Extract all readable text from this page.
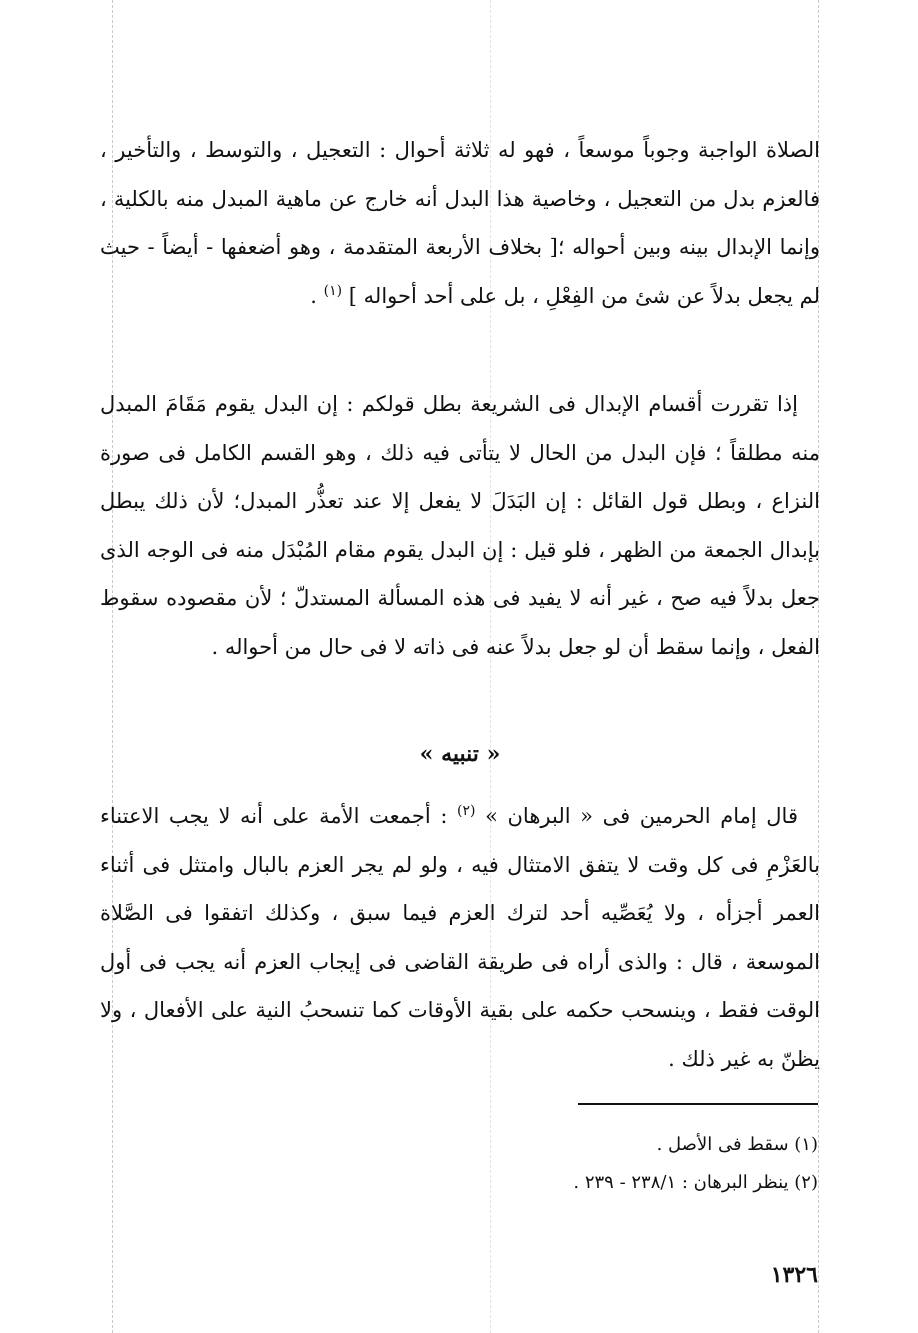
الصلاة الواجبة وجوباً موسعاً ، فهو له ثلاثة أحوال : التعجيل ، والتوسط ، والتأخير ، فالعزم بدل من التعجيل ، وخاصية هذا البدل أنه خارج عن ماهية المبدل منه بالكلية ، وإنما الإبدال بينه وبين أحواله ؛[ بخلاف الأربعة المتقدمة ، وهو أضعفها - أيضاً - حيث لم يجعل بدلاً عن شئ من الفِعْلِ ، بل على أحد أحواله ] $^{(١)}$ .

إذا تقررت أقسام الإبدال فى الشريعة بطل قولكم : إن البدل يقوم مَقَامَ المبدل منه مطلقاً ؛ فإن البدل من الحال لا يتأتى فيه ذلك ، وهو القسم الكامل فى صورة النزاع ، وبطل قول القائل : إن البَدَلَ لا يفعل إلا عند تعذُّر المبدل؛ لأن ذلك يبطل بإبدال الجمعة من الظهر ، فلو قيل : إن البدل يقوم مقام المُبْدَل منه فى الوجه الذى جعل بدلاً فيه صح ، غير أنه لا يفيد فى هذه المسألة المستدلّ ؛ لأن مقصوده سقوط الفعل ، وإنما سقط أن لو جعل بدلاً عنه فى ذاته لا فى حال من أحواله .

« تنبيه »

قال إمام الحرمين فى « البرهان » $^{(٢)}$ : أجمعت الأمة على أنه لا يجب الاعتناء بالعَزْمِ فى كل وقت لا يتفق الامتثال فيه ، ولو لم يجر العزم بالبال وامتثل فى أثناء العمر أجزأه ، ولا يُعَصِّيه أحد لترك العزم فيما سبق ، وكذلك اتفقوا فى الصَّلاة الموسعة ، قال : والذى أراه فى طريقة القاضى فى إيجاب العزم أنه يجب فى أول الوقت فقط ، وينسحب حكمه على بقية الأوقات كما تنسحبُ النية على الأفعال ، ولا يظنّ به غير ذلك .

(١) سقط فى الأصل .

(٢) ينظر البرهان : ٢٣٨/١ - ٢٣٩ .

١٣٢٦
